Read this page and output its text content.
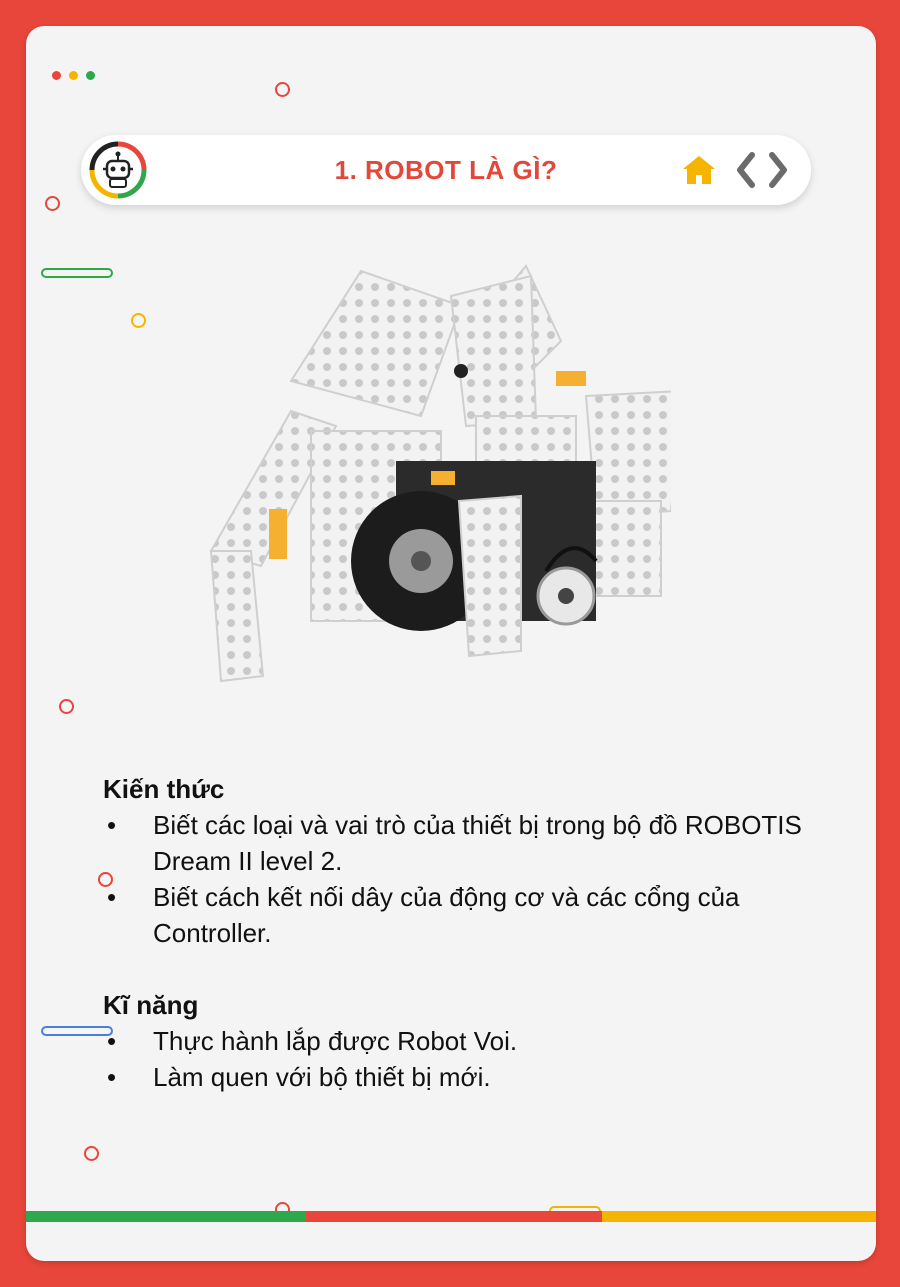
1. ROBOT LÀ GÌ?

Kiến thức

• Biết các loại và vai trò của thiết bị trong bộ đồ ROBOTIS Dream II level 2.
• Biết cách kết nối dây của động cơ và các cổng của Controller.

Kĩ năng

• Thực hành lắp được Robot Voi.
• Làm quen với bộ thiết bị mới.
